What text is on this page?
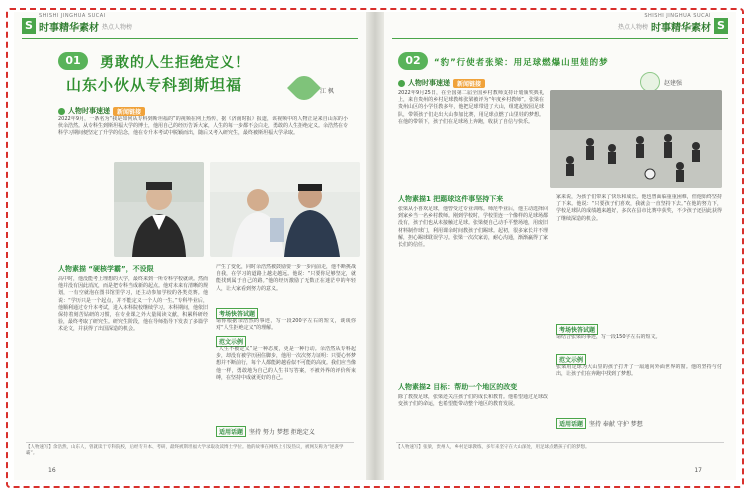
S 时事精华素材
SHISHI JINGHUA SUCAI
热点人物榜
01	勇敢的人生拒绝定义！
山东小伙从专科到斯坦福	江 枫
人物时事速递	新闻链接
2022年9月，一条名为“我是如何从专科到斯坦福的”的视频在网上热传，据《济南时报》报道，该视频中的人物正是来自山东的小伙余浩然。从专科生到斯坦福大学的博士，他用自己的经历告诉大家，人生的每一步都不会白走，勇敢的人生拒绝定义。余浩然在专科学习期间便坚定了升学的信念，他在专升本考试中脱颖而出，随后又考入研究生，最终被斯坦福大学录取。
人物素描 “硬核学霸”，不设限
高中时，他没能考上理想的大学，最终来到一所专科学校就读。然而他并没有因此消沉，而是把专科当成新的起点。他对未来有清晰的规划，一有空就泡在图书馆里学习，还主动参加学校的各类竞赛。他说：“学历只是一个起点，并不能定义一个人的一生。”专科毕业后，他顺利通过专升本考试，进入本科院校继续学习。本科期间，他依旧保持着刻苦钻研的习惯，在专业课之外大量阅读文献，积累科研经验，最终考取了研究生。研究生阶段，他在导师指导下发表了多篇学术论文，并获得了出国深造的机会。
产生了变化，同时余浩然被鼓励要一步一步向前走，他不断挑战自我，在学习的道路上越走越远。他说：“只要你足够坚定，就能找到属于自己的路。”他的经历激励了无数正在迷茫中的年轻人，让大家看到努力的意义。
考场快答试题
请你根据余浩然的事迹，写一段200字左右的短文，谈谈你对“人生拒绝定义”的理解。
范文示例
“人生不被定义”是一种态度，更是一种行动。余浩然从专科起步，却没有被学历困住脚步，他用一次次努力证明：只要心怀梦想并不断前行，每个人都能跨越看似不可能的高度。我们应当像他一样，勇敢地为自己的人生书写答案，不被外界的评价所束缚，在坚持中成就更好的自己。
适用话题 坚持 努力 梦想 拒绝定义
【人物速写】余浩然，山东人，曾就读于专科院校，后经专升本、考研，最终被斯坦福大学录取攻读博士学位。他的故事在网络上引发热议，被网友称为“逆袭学霸”。
16
S
时事精华素材
SHISHI JINGHUA SUCAI
热点人物榜
02	“豹”行使者张梁：用足球燃爆山里娃的梦
赵建强
人物时事速递	新闻链接
2022年9月25日，在全国第二届全国乡村教师支持计划颁奖典礼上，来自贵州的乡村足球教练张梁被评为“年度乡村教师”。张梁在贵州山区的小学任教多年，他把足球带进了大山，组建起校园足球队，带领孩子们走出大山参加比赛，用足球点燃了山里娃的梦想。在他的带领下，孩子们在足球场上奔跑，收获了自信与快乐。
人物素描1 把踢球这件事坚持下来
张梁从小喜欢足球，他曾受过专业训练。师范毕业后，他主动选择回到家乡当一名乡村教师。刚到学校时，学校里连一个像样的足球场都没有，孩子们也从未接触过足球。张梁便自己动手平整场地，用废旧材料制作球门，利用课余时间教孩子们踢球。起初，很多家长并不理解，担心踢球耽误学习。张梁一次次家访，耐心沟通，渐渐赢得了家长们的信任。
家来说，为孩子们带来了快乐和成长。他也曾面临重重困难，但他始终坚持了下来。他说：“只要孩子们喜欢，我就会一直坚持下去。”在他的努力下，学校足球队的成绩越来越好，多次在县市比赛中获奖，不少孩子还因此获得了继续深造的机会。
人物素描2 目标：帮助一个地区的改变
除了教授足球，张梁还关注孩子们的成长和教育。他希望通过足球改变孩子们的命运，也希望能带动整个地区的教育发展。
考场快答试题
请结合张梁的事迹，写一段150字左右的短文。
范文示例
张梁用足球为大山里的孩子打开了一扇通向外面世界的窗。他的坚持与付出，让孩子们在奔跑中找到了梦想。
适用话题 坚持 奉献 守护 梦想
【人物速写】张梁，贵州人，乡村足球教练，多年来坚守在大山深处，用足球点燃孩子们的梦想。
17
